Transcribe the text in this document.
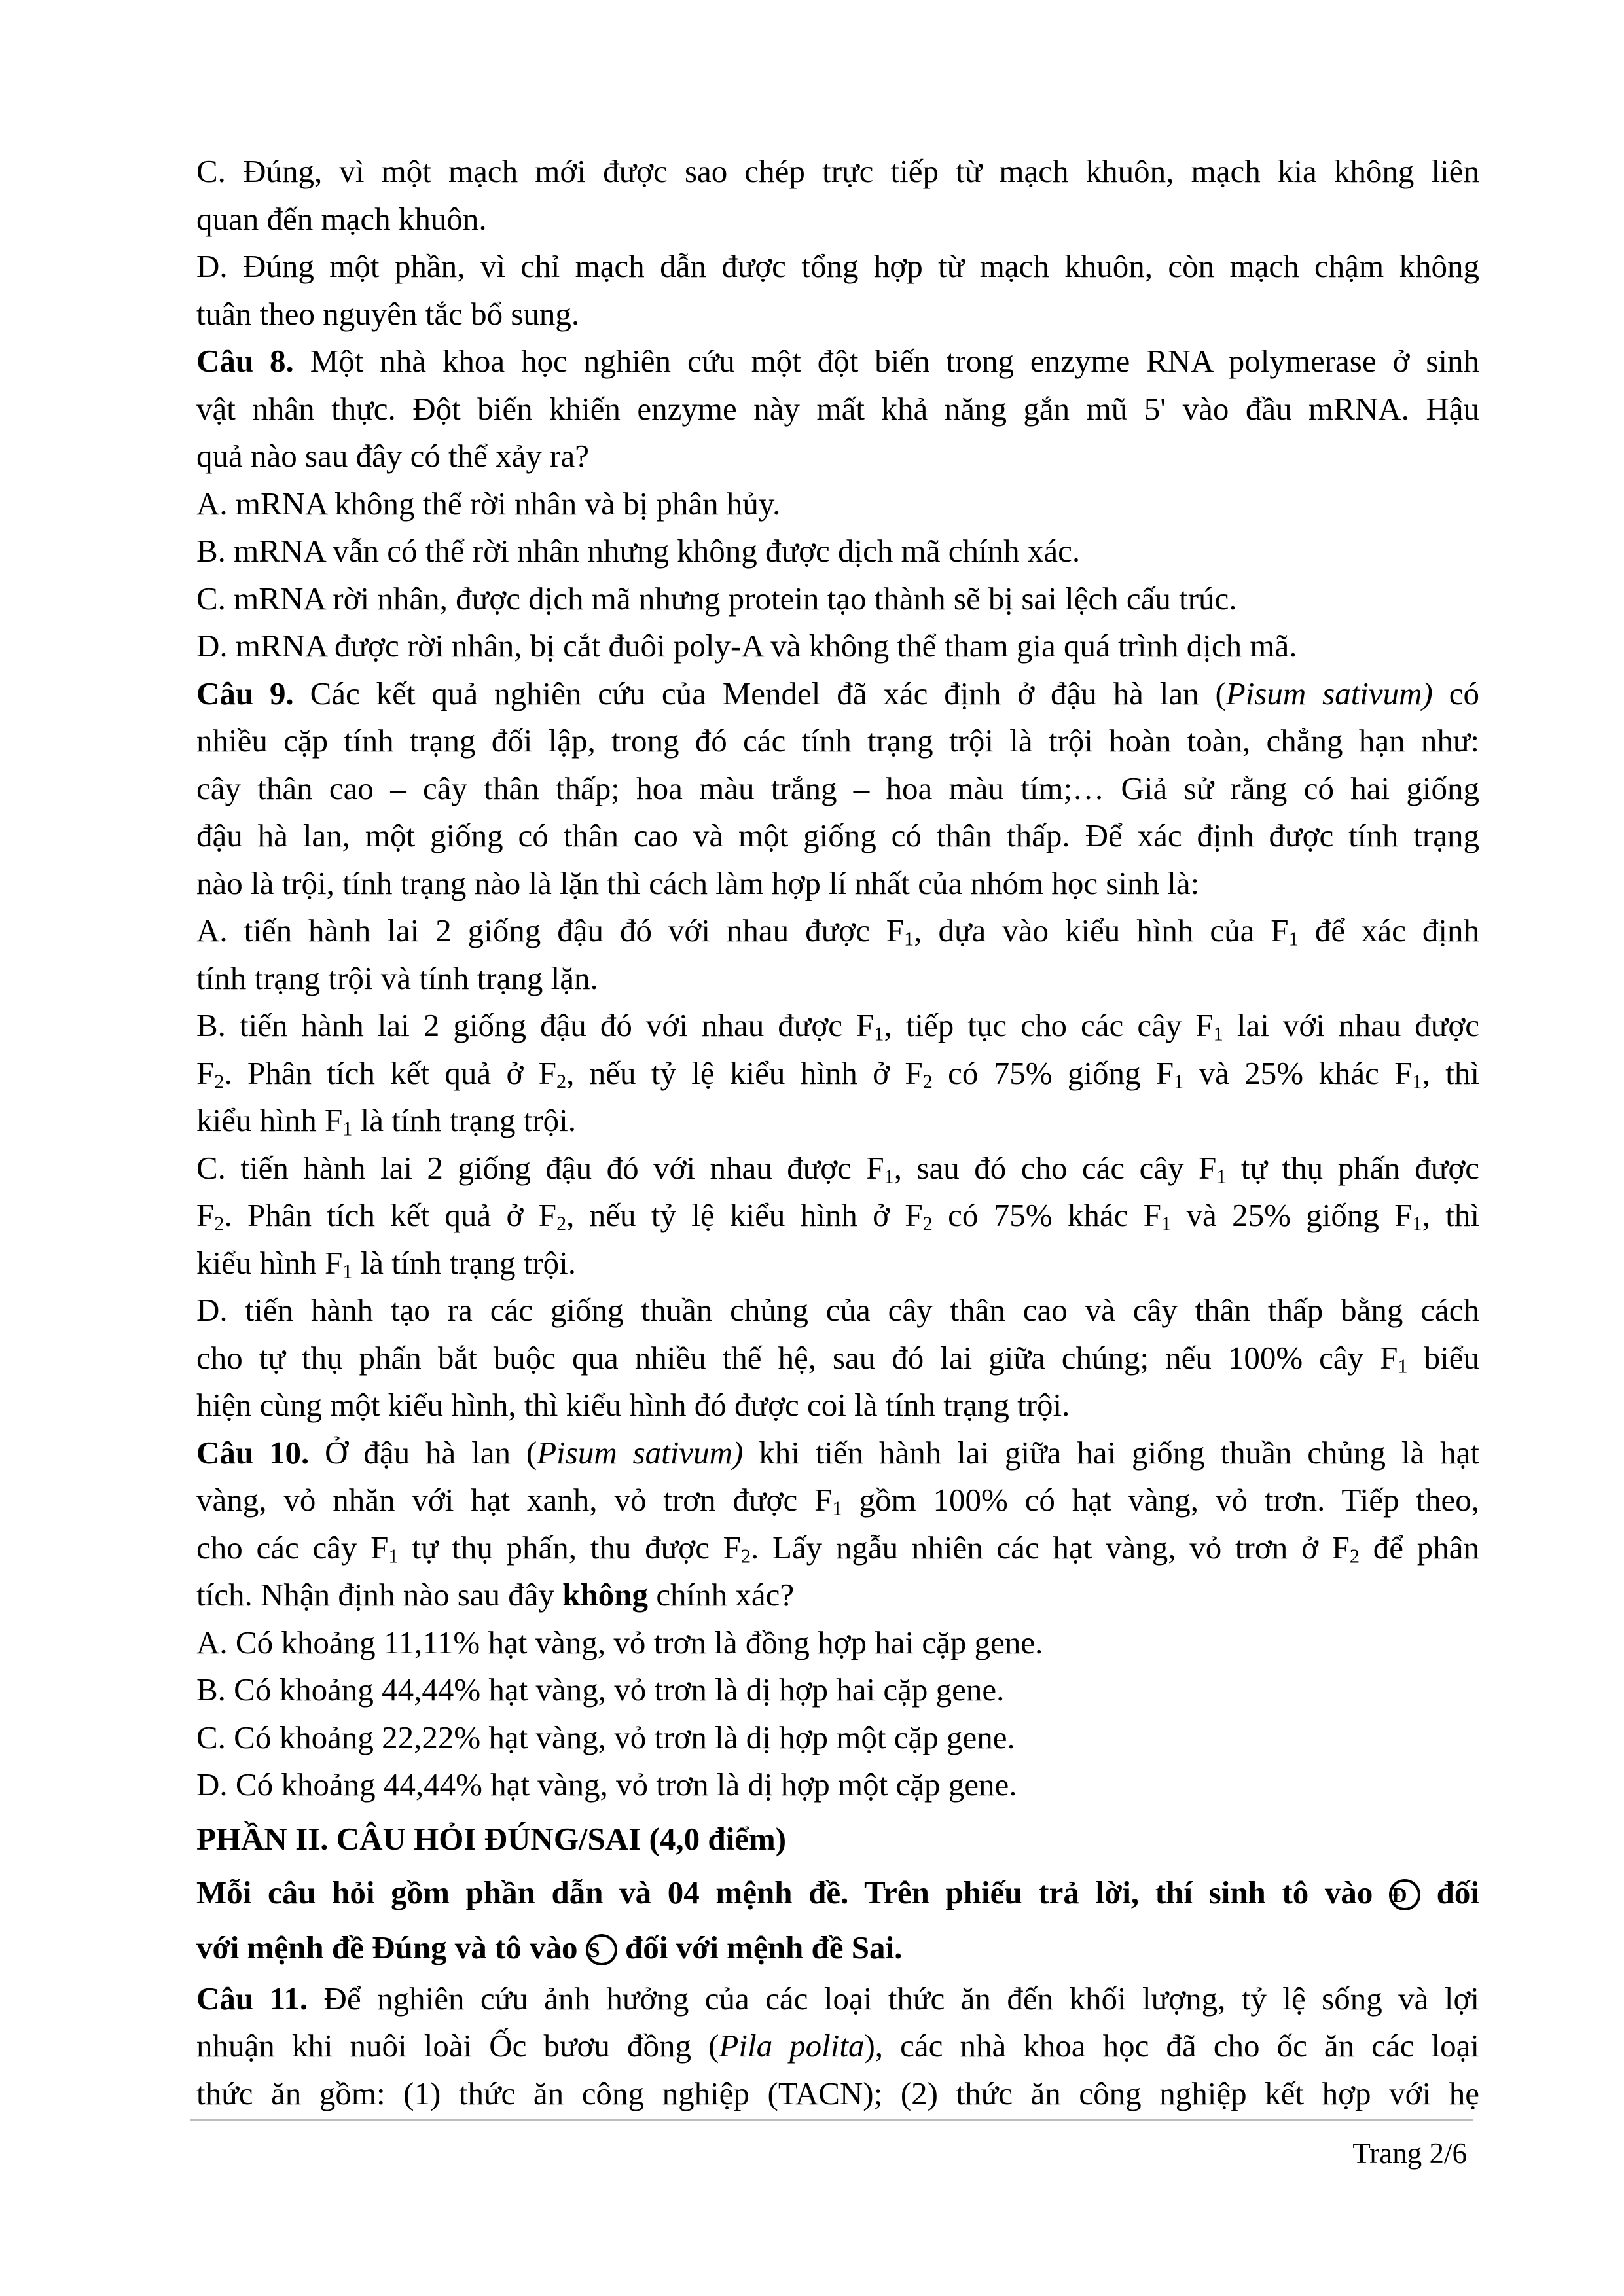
C. Đúng, vì một mạch mới được sao chép trực tiếp từ mạch khuôn, mạch kia không liên
quan đến mạch khuôn.
D. Đúng một phần, vì chỉ mạch dẫn được tổng hợp từ mạch khuôn, còn mạch chậm không
tuân theo nguyên tắc bổ sung.
Câu 8. Một nhà khoa học nghiên cứu một đột biến trong enzyme RNA polymerase ở sinh
vật nhân thực. Đột biến khiến enzyme này mất khả năng gắn mũ 5' vào đầu mRNA. Hậu
quả nào sau đây có thể xảy ra?
A. mRNA không thể rời nhân và bị phân hủy.
B. mRNA vẫn có thể rời nhân nhưng không được dịch mã chính xác.
C. mRNA rời nhân, được dịch mã nhưng protein tạo thành sẽ bị sai lệch cấu trúc.
D. mRNA được rời nhân, bị cắt đuôi poly-A và không thể tham gia quá trình dịch mã.
Câu 9. Các kết quả nghiên cứu của Mendel đã xác định ở đậu hà lan (Pisum sativum) có
nhiều cặp tính trạng đối lập, trong đó các tính trạng trội là trội hoàn toàn, chẳng hạn như:
cây thân cao – cây thân thấp; hoa màu trắng – hoa màu tím;… Giả sử rằng có hai giống
đậu hà lan, một giống có thân cao và một giống có thân thấp. Để xác định được tính trạng
nào là trội, tính trạng nào là lặn thì cách làm hợp lí nhất của nhóm học sinh là:
A. tiến hành lai 2 giống đậu đó với nhau được $F_1$, dựa vào kiểu hình của $F_1$ để xác định
tính trạng trội và tính trạng lặn.
B. tiến hành lai 2 giống đậu đó với nhau được $F_1$, tiếp tục cho các cây $F_1$ lai với nhau được
$F_2$. Phân tích kết quả ở $F_2$, nếu tỷ lệ kiểu hình ở $F_2$ có 75% giống $F_1$ và 25% khác $F_1$, thì
kiểu hình $F_1$ là tính trạng trội.
C. tiến hành lai 2 giống đậu đó với nhau được $F_1$, sau đó cho các cây $F_1$ tự thụ phấn được
$F_2$. Phân tích kết quả ở $F_2$, nếu tỷ lệ kiểu hình ở $F_2$ có 75% khác $F_1$ và 25% giống $F_1$, thì
kiểu hình $F_1$ là tính trạng trội.
D. tiến hành tạo ra các giống thuần chủng của cây thân cao và cây thân thấp bằng cách
cho tự thụ phấn bắt buộc qua nhiều thế hệ, sau đó lai giữa chúng; nếu 100% cây $F_1$ biểu
hiện cùng một kiểu hình, thì kiểu hình đó được coi là tính trạng trội.
Câu 10. Ở đậu hà lan (Pisum sativum) khi tiến hành lai giữa hai giống thuần chủng là hạt
vàng, vỏ nhăn với hạt xanh, vỏ trơn được $F_1$ gồm 100% có hạt vàng, vỏ trơn. Tiếp theo,
cho các cây $F_1$ tự thụ phấn, thu được $F_2$. Lấy ngẫu nhiên các hạt vàng, vỏ trơn ở $F_2$ để phân
tích. Nhận định nào sau đây không chính xác?
A. Có khoảng 11,11% hạt vàng, vỏ trơn là đồng hợp hai cặp gene.
B. Có khoảng 44,44% hạt vàng, vỏ trơn là dị hợp hai cặp gene.
C. Có khoảng 22,22% hạt vàng, vỏ trơn là dị hợp một cặp gene.
D. Có khoảng 44,44% hạt vàng, vỏ trơn là dị hợp một cặp gene.
PHẦN II. CÂU HỎI ĐÚNG/SAI (4,0 điểm)
Mỗi câu hỏi gồm phần dẫn và 04 mệnh đề. Trên phiếu trả lời, thí sinh tô vào Đ đối
với mệnh đề Đúng và tô vào S đối với mệnh đề Sai.
Câu 11. Để nghiên cứu ảnh hưởng của các loại thức ăn đến khối lượng, tỷ lệ sống và lợi
nhuận khi nuôi loài Ốc bươu đồng (Pila polita), các nhà khoa học đã cho ốc ăn các loại
thức ăn gồm: (1) thức ăn công nghiệp (TACN); (2) thức ăn công nghiệp kết hợp với hẹ
Trang 2/6
